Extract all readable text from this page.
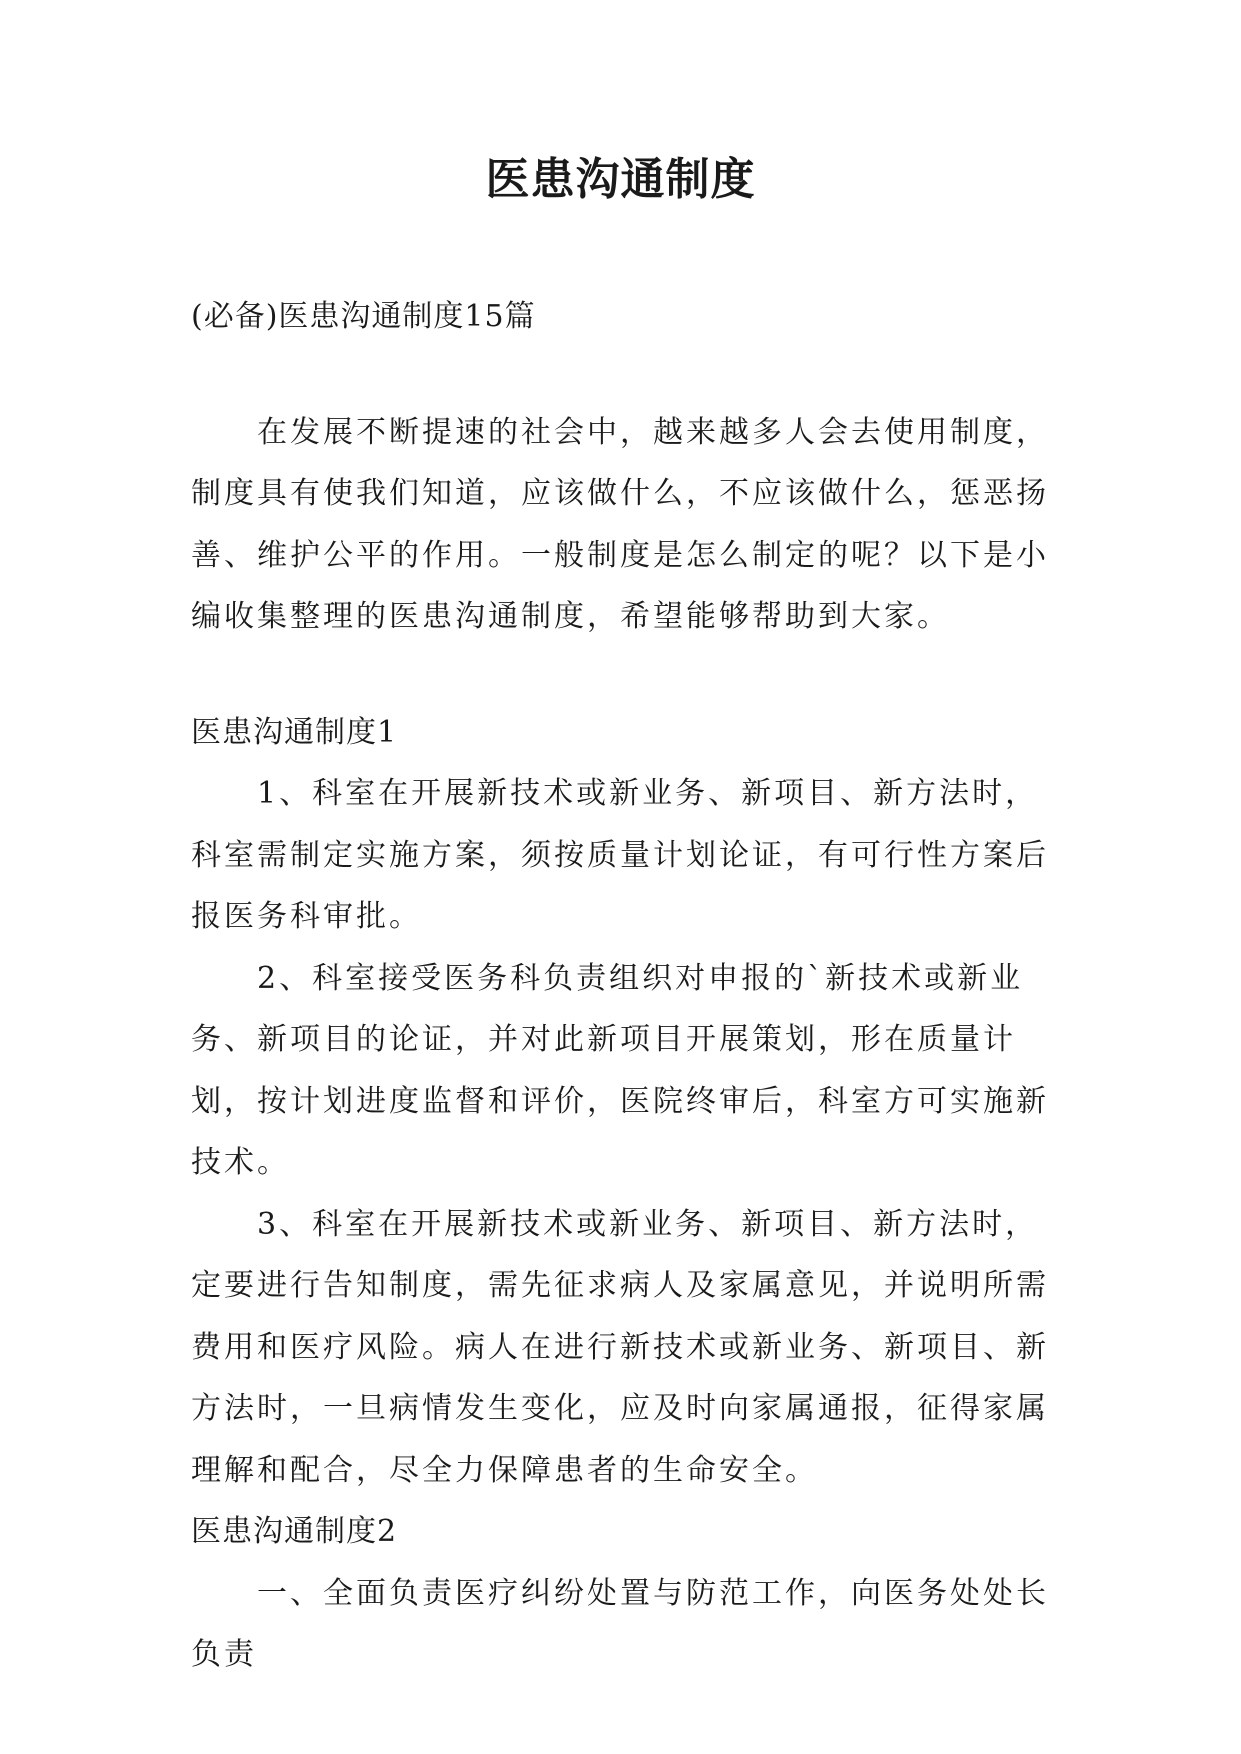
医患沟通制度

(必备)医患沟通制度15篇

在发展不断提速的社会中，越来越多人会去使用制度，制度具有使我们知道，应该做什么，不应该做什么，惩恶扬善、维护公平的作用。一般制度是怎么制定的呢？以下是小编收集整理的医患沟通制度，希望能够帮助到大家。

医患沟通制度1

1、科室在开展新技术或新业务、新项目、新方法时，科室需制定实施方案，须按质量计划论证，有可行性方案后报医务科审批。

2、科室接受医务科负责组织对申报的`新技术或新业务、新项目的论证，并对此新项目开展策划，形在质量计划，按计划进度监督和评价，医院终审后，科室方可实施新技术。

3、科室在开展新技术或新业务、新项目、新方法时，定要进行告知制度，需先征求病人及家属意见，并说明所需费用和医疗风险。病人在进行新技术或新业务、新项目、新方法时，一旦病情发生变化，应及时向家属通报，征得家属理解和配合，尽全力保障患者的生命安全。

医患沟通制度2

一、全面负责医疗纠纷处置与防范工作，向医务处处长负责
